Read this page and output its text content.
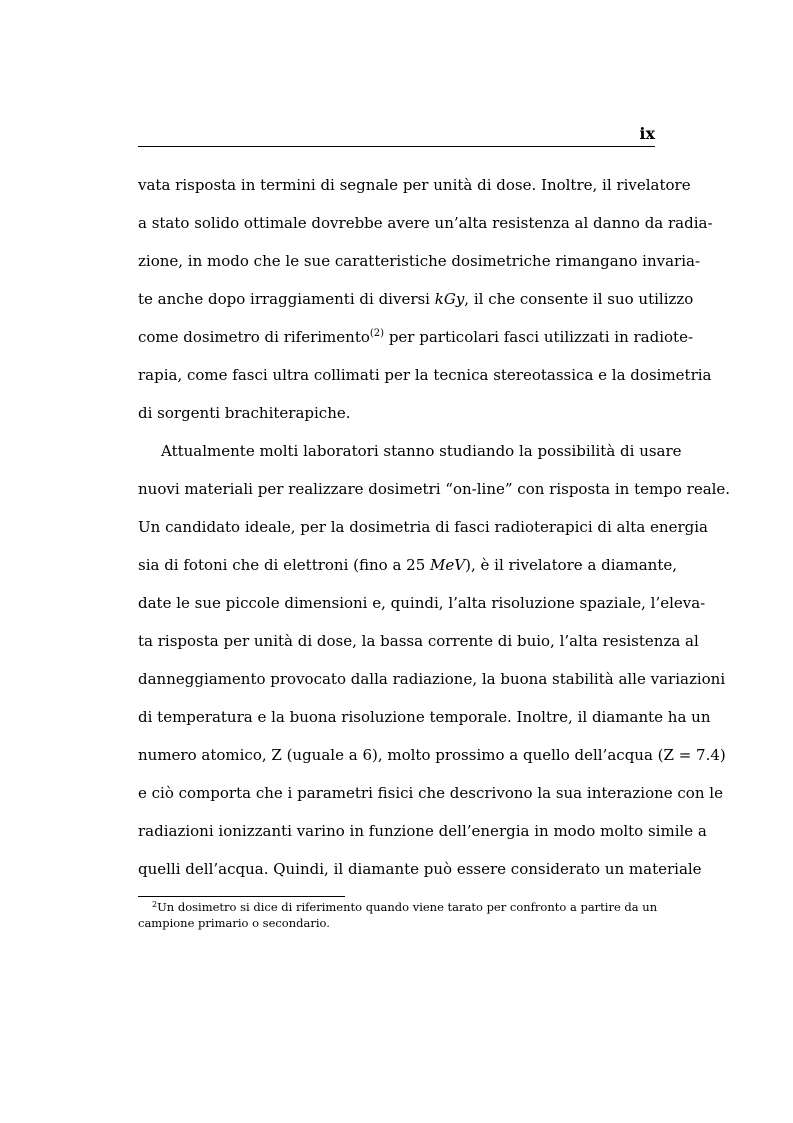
ix
vata risposta in termini di segnale per unità di dose. Inoltre, il rivelatore
a stato solido ottimale dovrebbe avere un’alta resistenza al danno da radia-
zione, in modo che le sue caratteristiche dosimetriche rimangano invaria-
te anche dopo irraggiamenti di diversi kGy, il che consente il suo utilizzo
come dosimetro di riferimento$^{(2)}$ per particolari fasci utilizzati in radiote-
rapia, come fasci ultra collimati per la tecnica stereotassica e la dosimetria
di sorgenti brachiterapiche.
Attualmente molti laboratori stanno studiando la possibilità di usare
nuovi materiali per realizzare dosimetri “on-line” con risposta in tempo reale.
Un candidato ideale, per la dosimetria di fasci radioterapici di alta energia
sia di fotoni che di elettroni (fino a 25 MeV), è il rivelatore a diamante,
date le sue piccole dimensioni e, quindi, l’alta risoluzione spaziale, l’eleva-
ta risposta per unità di dose, la bassa corrente di buio, l’alta resistenza al
danneggiamento provocato dalla radiazione, la buona stabilità alle variazioni
di temperatura e la buona risoluzione temporale. Inoltre, il diamante ha un
numero atomico, Z (uguale a 6), molto prossimo a quello dell’acqua (Z = 7.4)
e ciò comporta che i parametri fisici che descrivono la sua interazione con le
radiazioni ionizzanti varino in funzione dell’energia in modo molto simile a
quelli dell’acqua. Quindi, il diamante può essere considerato un materiale
$^2$Un dosimetro si dice di riferimento quando viene tarato per confronto a partire da un
campione primario o secondario.
